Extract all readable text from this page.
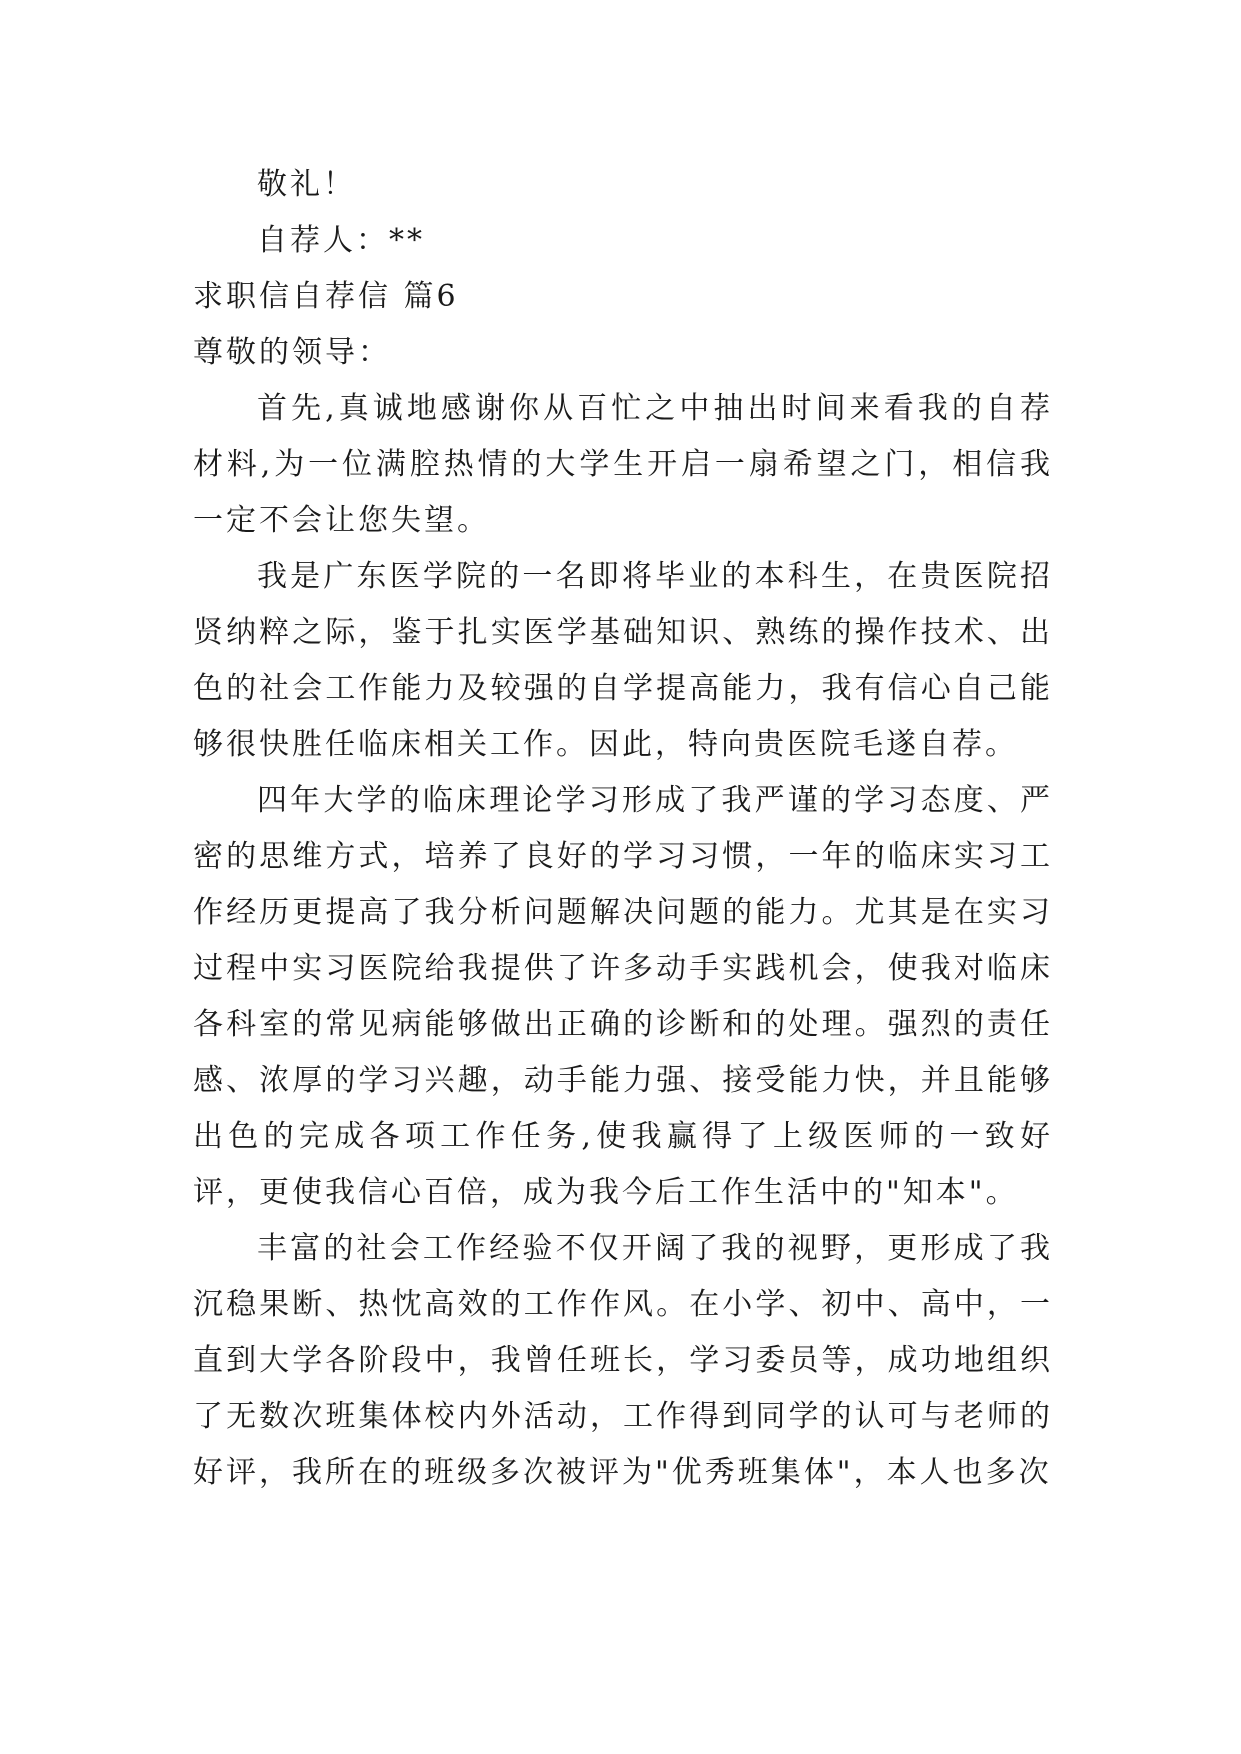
敬礼！
自荐人：**
求职信自荐信 篇6
尊敬的领导：

首先,真诚地感谢你从百忙之中抽出时间来看我的自荐材料,为一位满腔热情的大学生开启一扇希望之门，相信我一定不会让您失望。

我是广东医学院的一名即将毕业的本科生，在贵医院招贤纳粹之际，鉴于扎实医学基础知识、熟练的操作技术、出色的社会工作能力及较强的自学提高能力，我有信心自己能够很快胜任临床相关工作。因此，特向贵医院毛遂自荐。

四年大学的临床理论学习形成了我严谨的学习态度、严密的思维方式，培养了良好的学习习惯，一年的临床实习工作经历更提高了我分析问题解决问题的能力。尤其是在实习过程中实习医院给我提供了许多动手实践机会，使我对临床各科室的常见病能够做出正确的诊断和的处理。强烈的责任感、浓厚的学习兴趣，动手能力强、接受能力快，并且能够出色的完成各项工作任务,使我赢得了上级医师的一致好评，更使我信心百倍，成为我今后工作生活中的"知本"。

丰富的社会工作经验不仅开阔了我的视野，更形成了我沉稳果断、热忱高效的工作作风。在小学、初中、高中，一直到大学各阶段中，我曾任班长，学习委员等，成功地组织了无数次班集体校内外活动，工作得到同学的认可与老师的好评，我所在的班级多次被评为"优秀班集体"，本人也多次
